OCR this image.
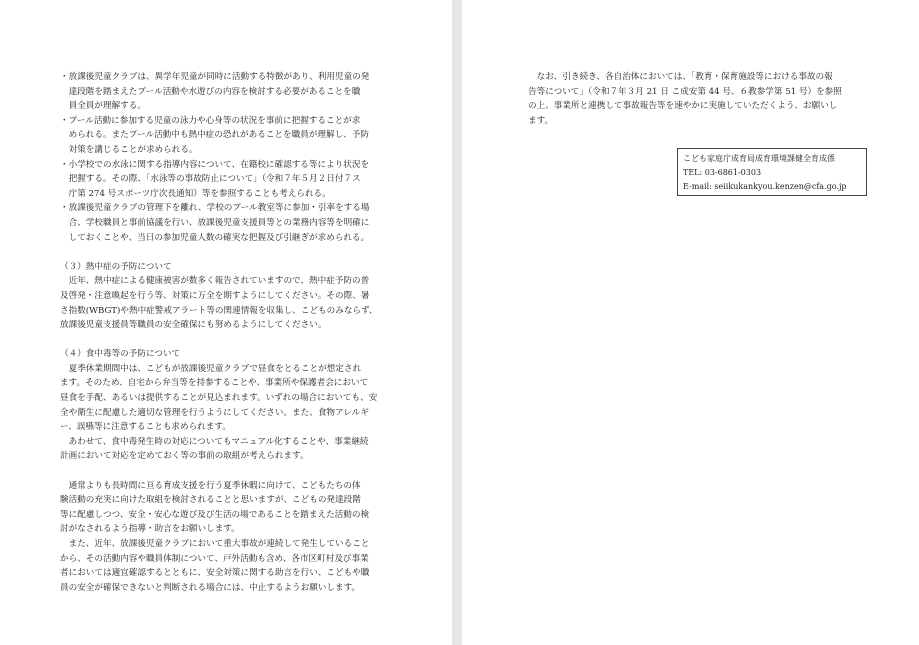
・放課後児童クラブは、異学年児童が同時に活動する特徴があり、利用児童の発
　達段階を踏まえたプール活動や水遊びの内容を検討する必要があることを職
　員全員が理解する。
・プール活動に参加する児童の泳力や心身等の状況を事前に把握することが求
　められる。またプール活動中も熱中症の恐れがあることを職員が理解し、予防
　対策を講じることが求められる。
・小学校での水泳に関する指導内容について、在籍校に確認する等により状況を
　把握する。その際、「水泳等の事故防止について」（令和７年５月２日付７ス
　庁第 274 号スポーツ庁次長通知）等を参照することも考えられる。
・放課後児童クラブの管理下を離れ、学校のプール教室等に参加・引率をする場
　合、学校職員と事前協議を行い、放課後児童支援員等との業務内容等を明確に
　しておくことや、当日の参加児童人数の確実な把握及び引継ぎが求められる。
（３）熱中症の予防について
　近年、熱中症による健康被害が数多く報告されていますので、熱中症予防の普
及啓発・注意喚起を行う等、対策に万全を期すようにしてください。その際、暑
さ指数(WBGT)や熱中症警戒アラート等の関連情報を収集し、こどものみならず、
放課後児童支援員等職員の安全確保にも努めるようにしてください。
（４）食中毒等の予防について
　夏季休業期間中は、こどもが放課後児童クラブで昼食をとることが想定され
ます。そのため、自宅から弁当等を持参することや、事業所や保護者会において
昼食を手配、あるいは提供することが見込まれます。いずれの場合においても、安
全や衛生に配慮した適切な管理を行うようにしてください。また、食物アレルギ
ー、誤嚥等に注意することも求められます。
　あわせて、食中毒発生時の対応についてもマニュアル化することや、事業継続
計画において対応を定めておく等の事前の取組が考えられます。
　通常よりも長時間に亘る育成支援を行う夏季休暇に向けて、こどもたちの体
験活動の充実に向けた取組を検討されることと思いますが、こどもの発達段階
等に配慮しつつ、安全・安心な遊び及び生活の場であることを踏まえた活動の検
討がなされるよう指導・助言をお願いします。
　また、近年、放課後児童クラブにおいて重大事故が連続して発生していること
から、その活動内容や職員体制について、戸外活動も含め、各市区町村及び事業
者においては適宜確認するとともに、安全対策に関する助言を行い、こどもや職
員の安全が確保できないと判断される場合には、中止するようお願いします。
　なお、引き続き、各自治体においては、「教育・保育施設等における事故の報
告等について」（令和７年３月 21 日 こ成安第 44 号、６教参学第 51 号）を参照
の上、事業所と連携して事故報告等を速やかに実施していただくよう、お願いし
ます。
こども家庭庁成育局成育環境課健全育成係
TEL: 03-6861-0303
E-mail: seiikukankyou.kenzen@cfa.go.jp
